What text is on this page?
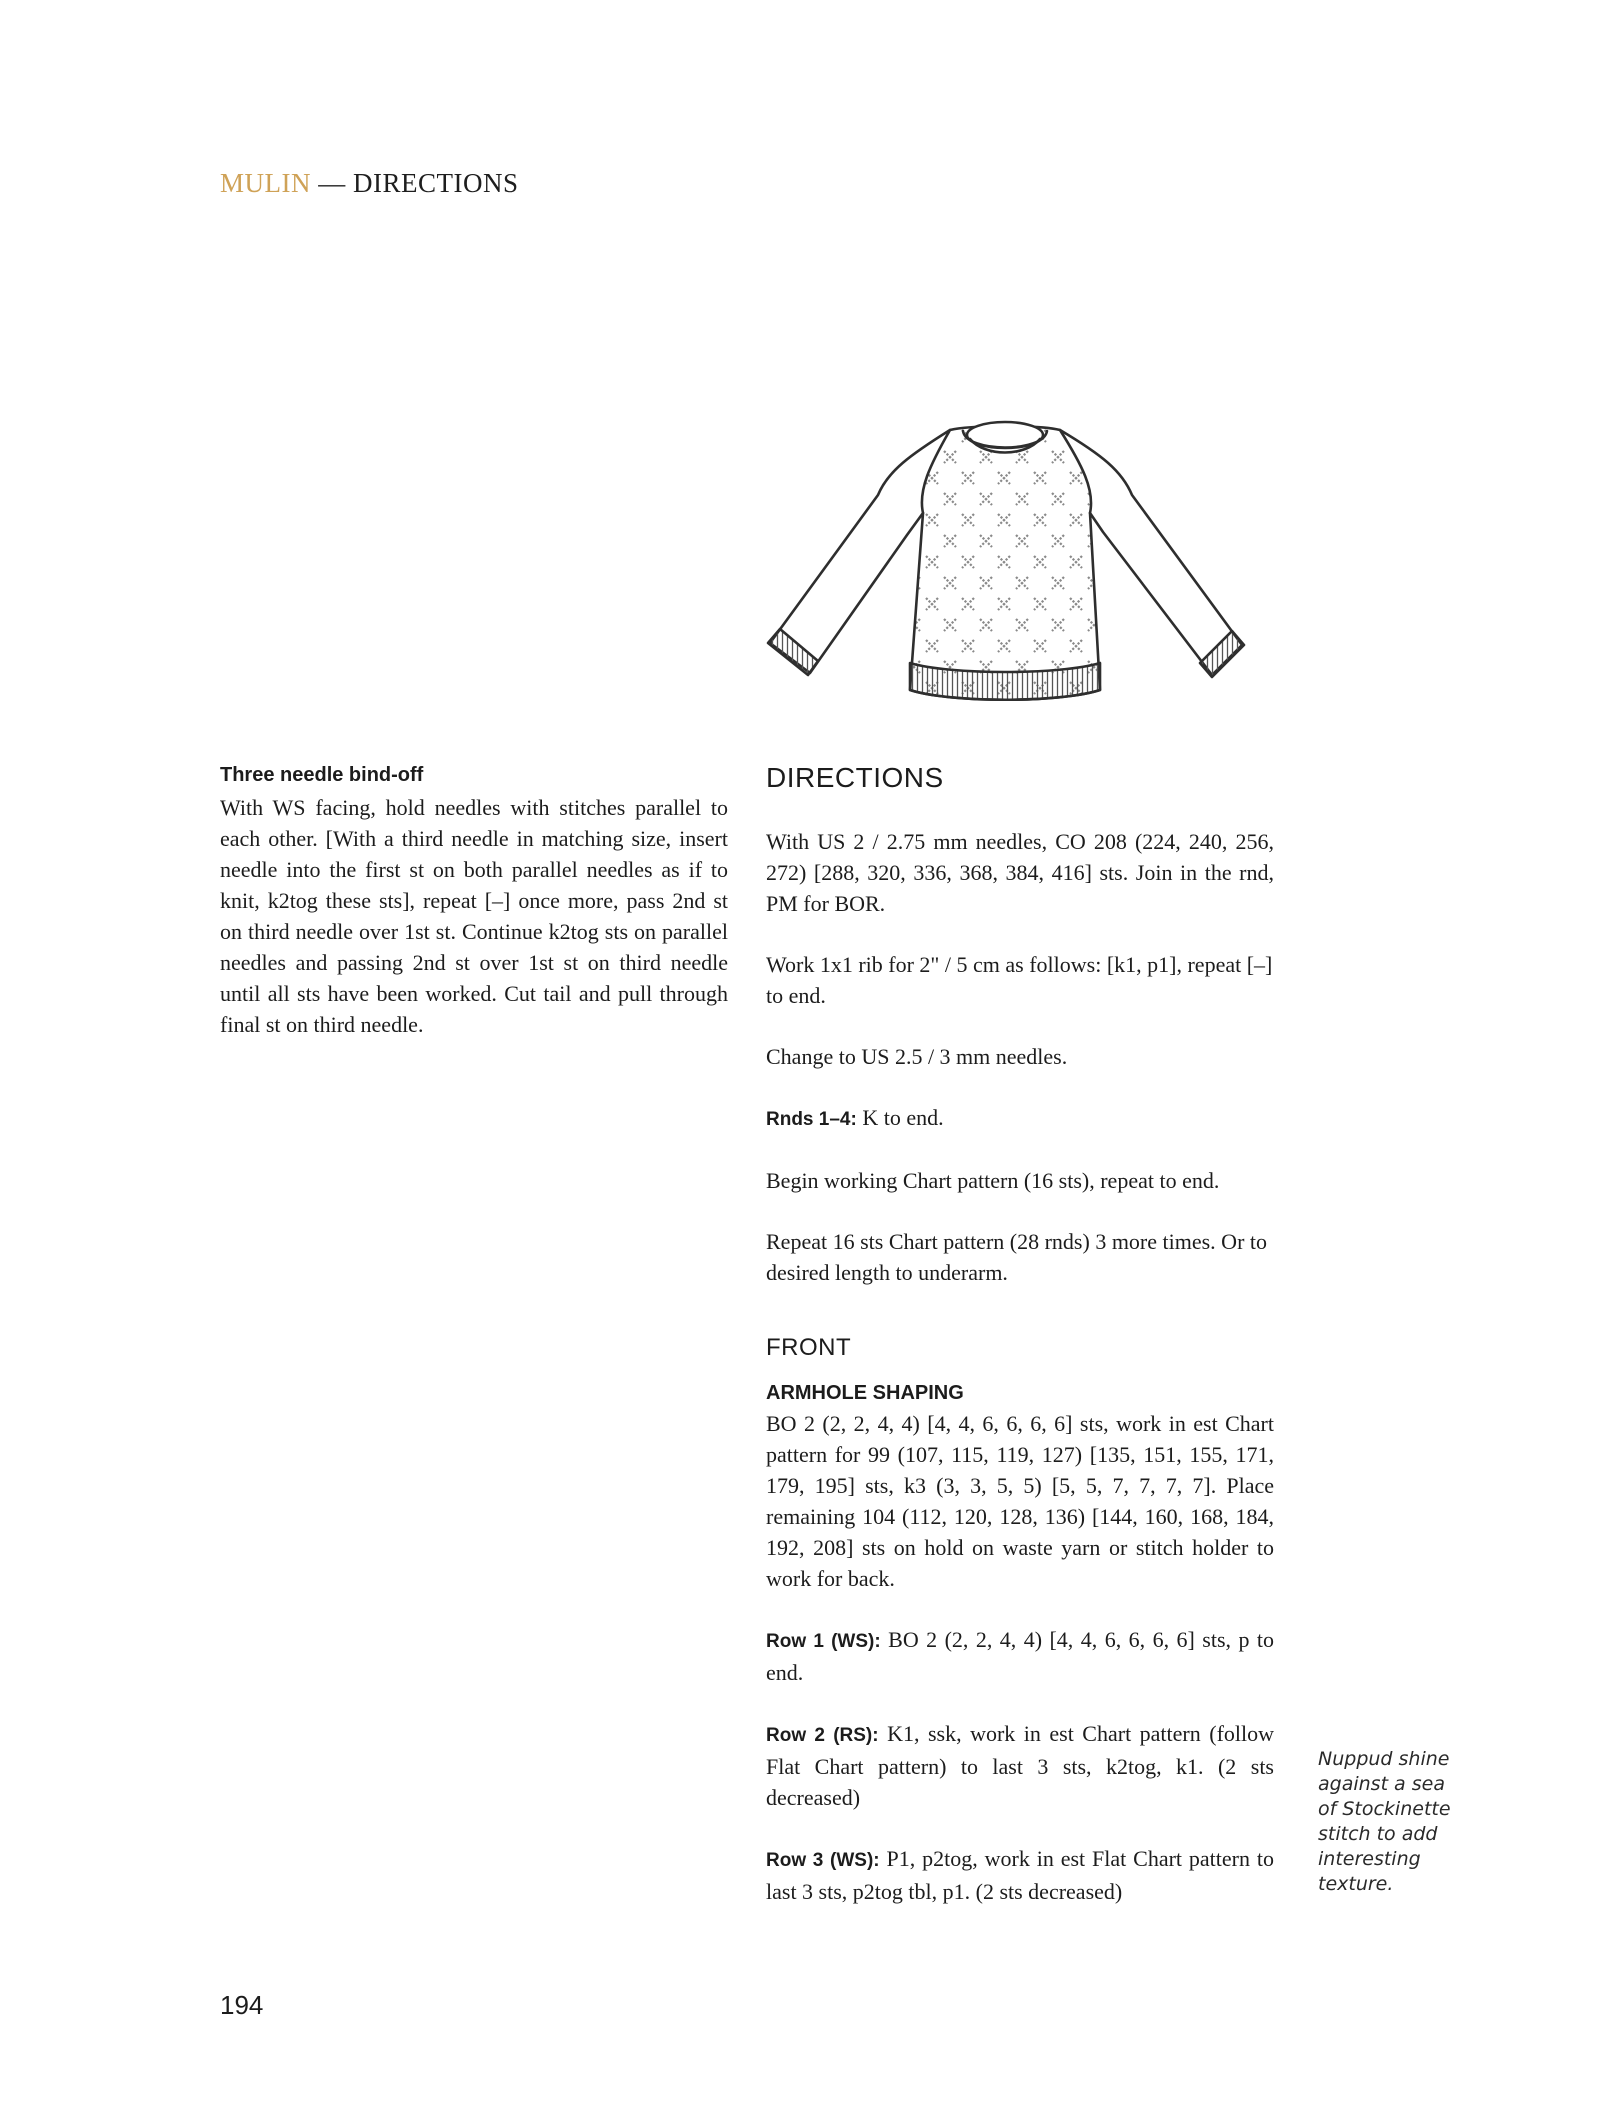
MULIN — DIRECTIONS
Three needle bind-off
With WS facing, hold needles with stitches parallel to each other. [With a third needle in matching size, insert needle into the first st on both parallel needles as if to knit, k2tog these sts], repeat [–] once more, pass 2nd st on third needle over 1st st. Continue k2tog sts on parallel needles and passing 2nd st over 1st st on third needle until all sts have been worked. Cut tail and pull through final st on third needle.
DIRECTIONS
With US 2 / 2.75 mm needles, CO 208 (224, 240, 256, 272) [288, 320, 336, 368, 384, 416] sts. Join in the rnd, PM for BOR.
Work 1x1 rib for 2" / 5 cm as follows: [k1, p1], repeat [–] to end.
Change to US 2.5 / 3 mm needles.
Rnds 1–4: K to end.
Begin working Chart pattern (16 sts), repeat to end.
Repeat 16 sts Chart pattern (28 rnds) 3 more times. Or to desired length to underarm.
FRONT
ARMHOLE SHAPING
BO 2 (2, 2, 4, 4) [4, 4, 6, 6, 6, 6] sts, work in est Chart pattern for 99 (107, 115, 119, 127) [135, 151, 155, 171, 179, 195] sts, k3 (3, 3, 5, 5) [5, 5, 7, 7, 7, 7]. Place remaining 104 (112, 120, 128, 136) [144, 160, 168, 184, 192, 208] sts on hold on waste yarn or stitch holder to work for back.
Row 1 (WS): BO 2 (2, 2, 4, 4) [4, 4, 6, 6, 6, 6] sts, p to end.
Row 2 (RS): K1, ssk, work in est Chart pattern (follow Flat Chart pattern) to last 3 sts, k2tog, k1. (2 sts decreased)
Row 3 (WS): P1, p2tog, work in est Flat Chart pattern to last 3 sts, p2tog tbl, p1. (2 sts decreased)
Nuppud shine against a sea of Stockinette stitch to add interesting texture.
194
